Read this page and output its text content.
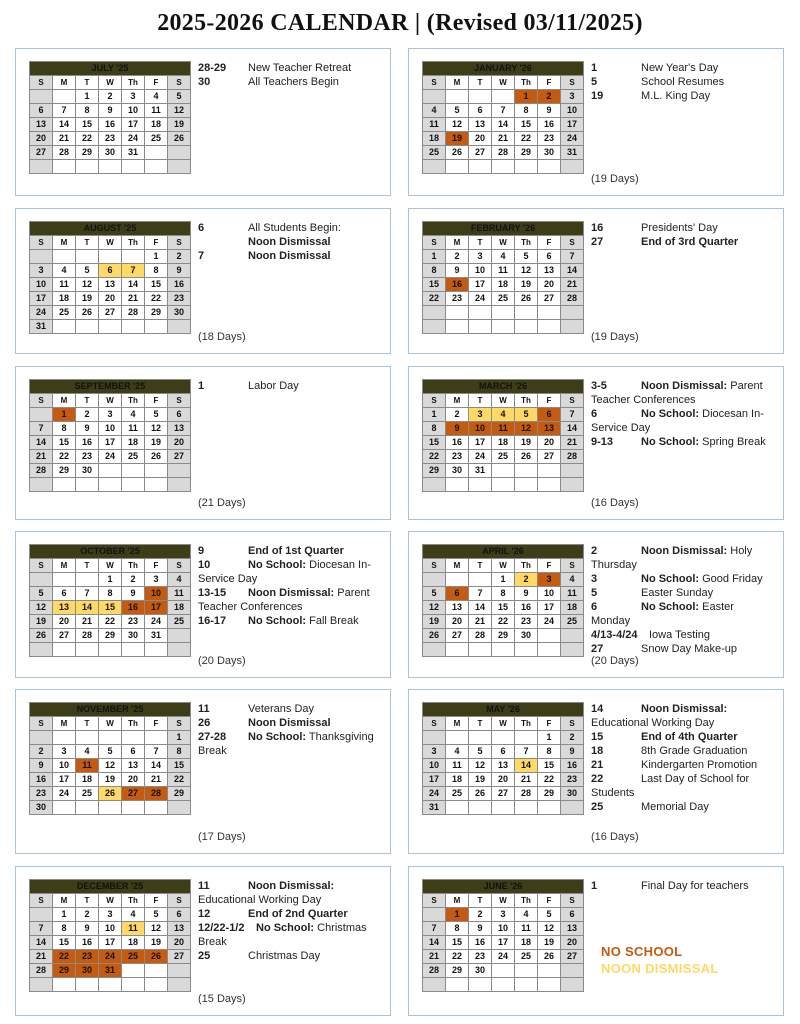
2025-2026 CALENDAR | (Revised 03/11/2025)
JULY '25						
S	M	T	W	Th	F	S
		1	2	3	4	5
6	7	8	9	10	11	12
13	14	15	16	17	18	19
20	21	22	23	24	25	26
27	28	29	30	31		

28-29 New Teacher Retreat
30	All Teachers Begin
JANUARY '26						
S	M	T	W	Th	F	S
				1	2	3
4	5	6	7	8	9	10
11	12	13	14	15	16	17
18	19	20	21	22	23	24
25	26	27	28	29	30	31

1	New Year's Day
5	School Resumes
19	M.L. King Day
(19 Days)
AUGUST '25						
S	M	T	W	Th	F	S
					1	2
3	4	5	6	7	8	9
10	11	12	13	14	15	16
17	18	19	20	21	22	23
24	25	26	27	28	29	30
31						
6	All Students Begin:
Noon Dismissal
7	Noon Dismissal
(18 Days)
FEBRUARY '26						
S	M	T	W	Th	F	S
1	2	3	4	5	6	7
8	9	10	11	12	13	14
15	16	17	18	19	20	21
22	23	24	25	26	27	28

16	Presidents' Day
27	End of 3rd Quarter
(19 Days)
SEPTEMBER '25						
S	M	T	W	Th	F	S
	1	2	3	4	5	6
7	8	9	10	11	12	13
14	15	16	17	18	19	20
21	22	23	24	25	26	27
28	29	30				

1	Labor Day
(21 Days)
MARCH '26						
S	M	T	W	Th	F	S
1	2	3	4	5	6	7
8	9	10	11	12	13	14
15	16	17	18	19	20	21
22	23	24	25	26	27	28
29	30	31				

3-5	Noon Dismissal: Parent Teacher Conferences
6	No School: Diocesan In-Service Day
9-13	No School: Spring Break
(16 Days)
OCTOBER '25						
S	M	T	W	Th	F	S
			1	2	3	4
5	6	7	8	9	10	11
12	13	14	15	16	17	18
19	20	21	22	23	24	25
26	27	28	29	30	31	

9	End of 1st Quarter
10	No School: Diocesan In-Service Day
13-15 Noon Dismissal: Parent Teacher Conferences
16-17 No School: Fall Break
(20 Days)
APRIL '26						
S	M	T	W	Th	F	S
			1	2	3	4
5	6	7	8	9	10	11
12	13	14	15	16	17	18
19	20	21	22	23	24	25
26	27	28	29	30		

2	Noon Dismissal: Holy Thursday
3	No School: Good Friday
5	Easter Sunday
6	No School: Easter Monday
4/13-4/24 Iowa Testing
27	Snow Day Make-up
(20 Days)
NOVEMBER '25						
S	M	T	W	Th	F	S
						1
2	3	4	5	6	7	8
9	10	11	12	13	14	15
16	17	18	19	20	21	22
23	24	25	26	27	28	29
30						
11	Veterans Day
26	Noon Dismissal
27-28 No School: Thanksgiving Break
(17 Days)
MAY '26						
S	M	T	W	Th	F	S
					1	2
3	4	5	6	7	8	9
10	11	12	13	14	15	16
17	18	19	20	21	22	23
24	25	26	27	28	29	30
31						
14	Noon Dismissal: Educational Working Day
15	End of 4th Quarter
18	8th Grade Graduation
21	Kindergarten Promotion
22	Last Day of School for Students
25	Memorial Day
(16 Days)
DECEMBER '25						
S	M	T	W	Th	F	S
	1	2	3	4	5	6
7	8	9	10	11	12	13
14	15	16	17	18	19	20
21	22	23	24	25	26	27
28	29	30	31			

11	Noon Dismissal: Educational Working Day
12	End of 2nd Quarter
12/22-1/2 No School: Christmas Break
25	Christmas Day
(15 Days)
JUNE '26						
S	M	T	W	Th	F	S
	1	2	3	4	5	6
7	8	9	10	11	12	13
14	15	16	17	18	19	20
21	22	23	24	25	26	27
28	29	30				

1	Final Day for teachers
NO SCHOOL
NOON DISMISSAL
